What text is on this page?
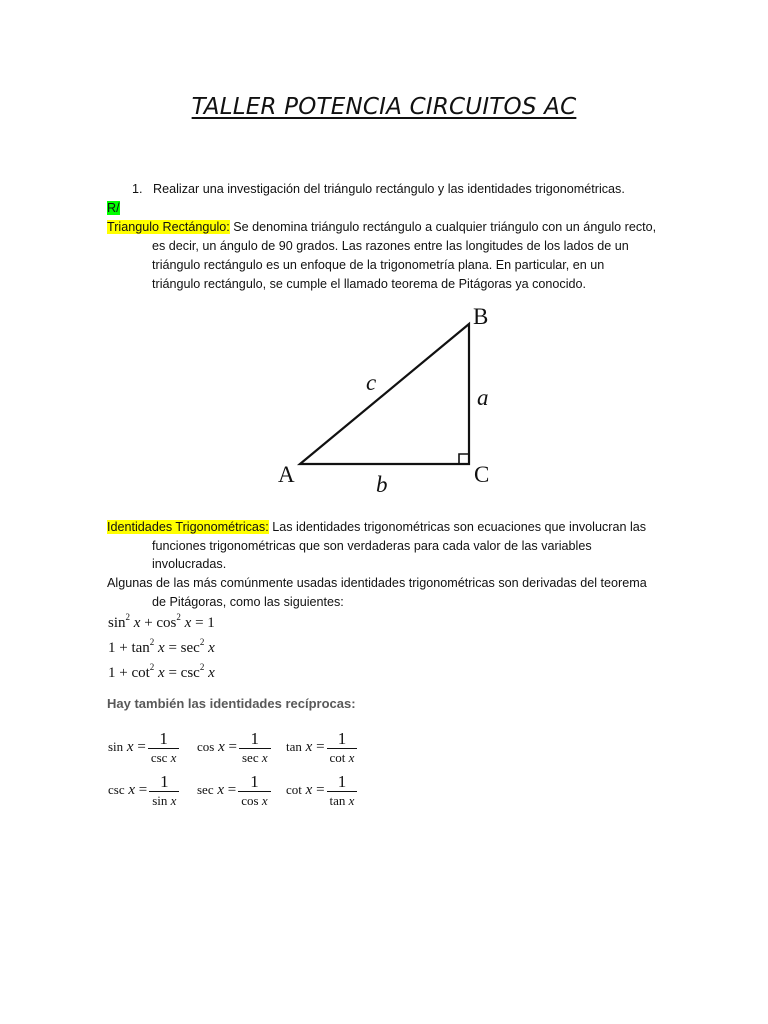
TALLER POTENCIA CIRCUITOS AC
1. Realizar una investigación del triángulo rectángulo y las identidades trigonométricas.
R/
Triangulo Rectángulo: Se denomina triángulo rectángulo a cualquier triángulo con un ángulo recto,
es decir, un ángulo de 90 grados. Las razones entre las longitudes de los lados de un
triángulo rectángulo es un enfoque de la trigonometría plana. En particular, en un
triángulo rectángulo, se cumple el llamado teorema de Pitágoras ya conocido.
A
B
C
a
b
c
Identidades Trigonométricas: Las identidades trigonométricas son ecuaciones que involucran las
funciones trigonométricas que son verdaderas para cada valor de las variables
involucradas.
Algunas de las más comúnmente usadas identidades trigonométricas son derivadas del teorema
de Pitágoras, como las siguientes:
$\sin^2 x + \cos^2 x = 1$
$1 + \tan^2 x = \sec^2 x$
$1 + \cot^2 x = \csc^2 x$
Hay también las identidades recíprocas:
$\sin x = \frac{1}{\text{csc x}}$ $\cos x = \frac{1}{\text{sec x}}$ $\tan x = \frac{1}{\text{cot x}}$
$\csc x = \frac{1}{\text{sin x}}$ $\sec x = \frac{1}{\text{cos x}}$ $\cot x = \frac{1}{\text{tan x}}$
